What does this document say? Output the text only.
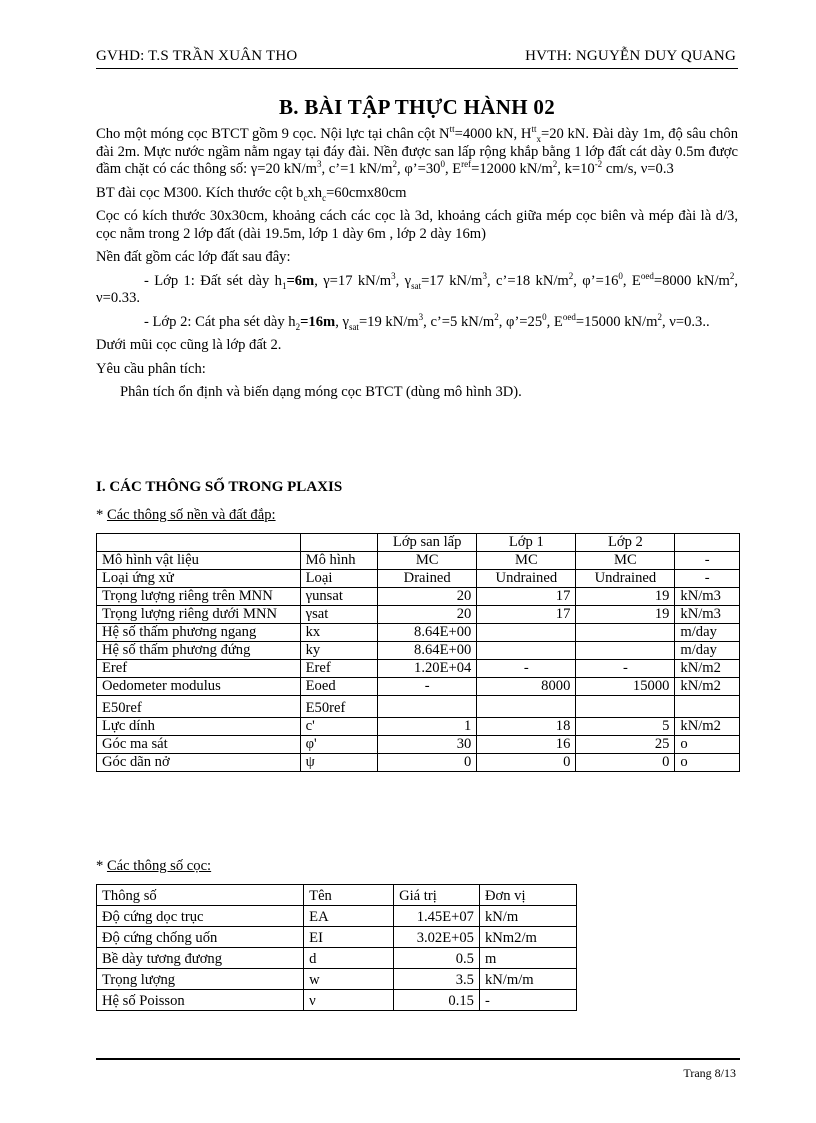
GVHD: T.S TRẦN XUÂN THO	HVTH: NGUYỄN DUY QUANG
B. BÀI TẬP THỰC HÀNH 02

Cho một móng cọc BTCT gồm 9 cọc. Nội lực tại chân cột $N^{tt}=4000$ kN, $H^{tt}_x=20$ kN. Đài dày 1m, độ sâu chôn đài 2m. Mực nước ngầm nằm ngay tại đáy đài. Nền được san lấp rộng khắp bằng 1 lớp đất cát dày 0.5m được đầm chặt có các thông số: γ=20 $kN/m^3$, c’=1 $kN/m^2$, $\varphi’=30^0$, $E^{ref}=12000$ $kN/m^2$, $k=10^{-2}$ cm/s, ν=0.3

BT đài cọc M300. Kích thước cột $b_cxh_c=60cmx80cm$

Cọc có kích thước 30x30cm, khoảng cách các cọc là 3d, khoảng cách giữa mép cọc biên và mép đài là d/3, cọc nằm trong 2 lớp đất (dài 19.5m, lớp 1 dày 6m , lớp 2 dày 16m)

Nền đất gồm các lớp đất sau đây:

- Lớp 1: Đất sét dày $h_1=6m$, γ=17 $kN/m^3$, $\gamma_{sat}=17$ $kN/m^3$, c’=18 $kN/m^2$, $\varphi’=16^0$, $E^{oed}=8000$ $kN/m^2$, ν=0.33.

- Lớp 2: Cát pha sét dày $h_2=16m$, $\gamma_{sat}=19$ $kN/m^3$, c’=5 $kN/m^2$, $\varphi’=25^0$, $E^{oed}=15000$ $kN/m^2$, ν=0.3..

Dưới mũi cọc cũng là lớp đất 2.

Yêu cầu phân tích:

Phân tích ổn định và biến dạng móng cọc BTCT (dùng mô hình 3D).

I. CÁC THÔNG SỐ TRONG PLAXIS
* Các thông số nền và đất đắp:
		Lớp san lấp	Lớp 1	Lớp 2	
Mô hình vật liệu	Mô hình	MC	MC	MC	-
Loại ứng xử	Loại	Drained	Undrained	Undrained	-
Trọng lượng riêng trên MNN	γunsat	20	17	19	kN/m3
Trọng lượng riêng dưới MNN	γsat	20	17	19	kN/m3
Hệ số thấm phương ngang	kx	8.64E+00			m/day
Hệ số thấm phương đứng	ky	8.64E+00			m/day
Eref	Eref	1.20E+04	-	-	kN/m2
Oedometer modulus	Eoed	-	8000	15000	kN/m2
E50ref	E50ref				
Lực dính	c'	1	18	5	kN/m2
Góc ma sát	φ'	30	16	25	o
Góc dãn nở	ψ	0	0	0	o
* Các thông số cọc:
Thông số	Tên	Giá trị	Đơn vị
Độ cứng dọc trục	EA	1.45E+07	kN/m
Độ cứng chống uốn	EI	3.02E+05	kNm2/m
Bề dày tương đương	d	0.5	m
Trọng lượng	w	3.5	kN/m/m
Hệ số Poisson	ν	0.15	-
Trang 8/13
